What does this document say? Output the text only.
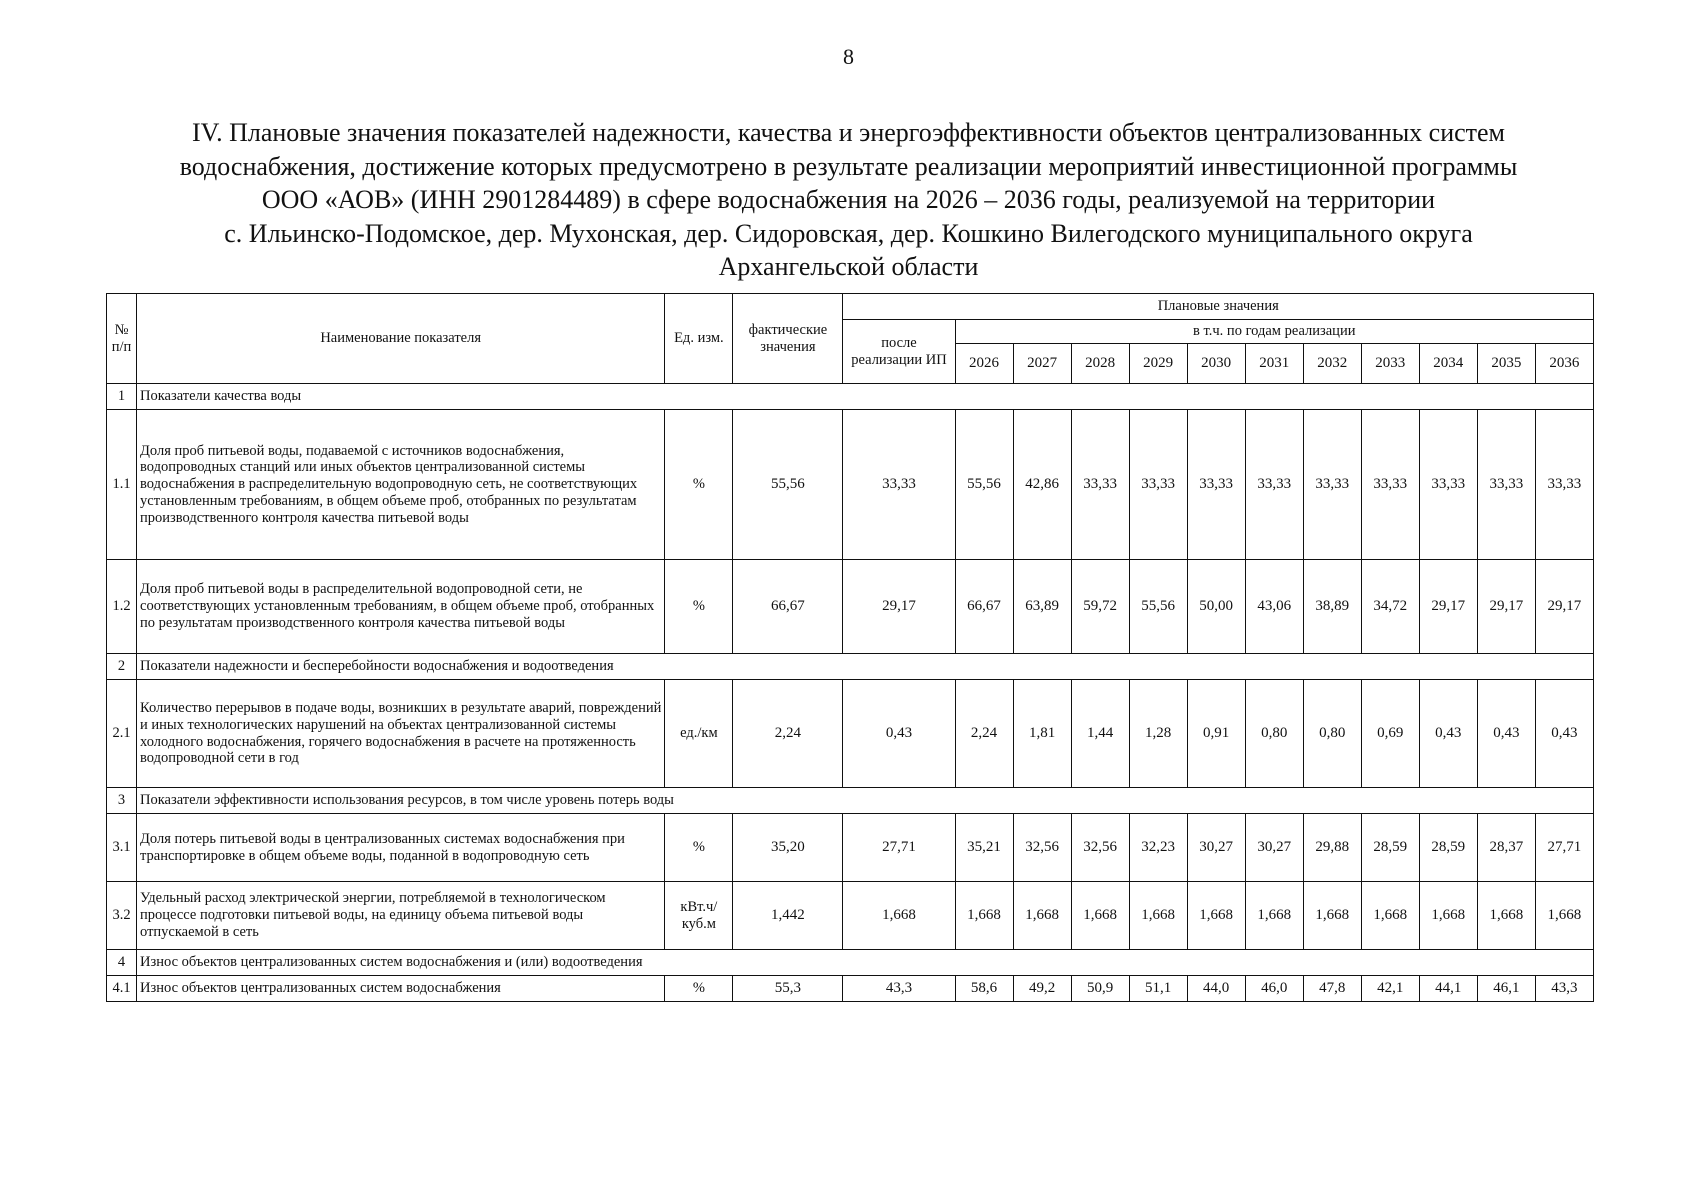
8
IV. Плановые значения показателей надежности, качества и энергоэффективности объектов централизованных систем
водоснабжения, достижение которых предусмотрено в результате реализации мероприятий инвестиционной программы
ООО «АОВ» (ИНН 2901284489) в сфере водоснабжения на 2026 – 2036 годы, реализуемой на территории
с. Ильинско-Подомское, дер. Мухонская, дер. Сидоровская, дер. Кошкино Вилегодского муниципального округа
Архангельской области
№ п/п	Наименование показателя	Ед. изм.	фактические значения	Плановые значения											
				после реализации ИП	в т.ч. по годам реализации										
					2026	2027	2028	2029	2030	2031	2032	2033	2034	2035	2036
1	Показатели качества воды														
1.1	Доля проб питьевой воды, подаваемой с источников водоснабжения, водопроводных станций или иных объектов централизованной системы водоснабжения в распределительную водопроводную сеть, не соответствующих установленным требованиям, в общем объеме проб, отобранных по результатам производственного контроля качества питьевой воды	%	55,56	33,33	55,56	42,86	33,33	33,33	33,33	33,33	33,33	33,33	33,33	33,33	33,33
1.2	Доля проб питьевой воды в распределительной водопроводной сети, не соответствующих установленным требованиям, в общем объеме проб, отобранных по результатам производственного контроля качества питьевой воды	%	66,67	29,17	66,67	63,89	59,72	55,56	50,00	43,06	38,89	34,72	29,17	29,17	29,17
2	Показатели надежности и бесперебойности водоснабжения и водоотведения														
2.1	Количество перерывов в подаче воды, возникших в результате аварий, повреждений и иных технологических нарушений на объектах централизованной системы холодного водоснабжения, горячего водоснабжения в расчете на протяженность водопроводной сети в год	ед./км	2,24	0,43	2,24	1,81	1,44	1,28	0,91	0,80	0,80	0,69	0,43	0,43	0,43
3	Показатели эффективности использования ресурсов, в том числе уровень потерь воды														
3.1	Доля потерь питьевой воды в централизованных системах водоснабжения при транспортировке в общем объеме воды, поданной в водопроводную сеть	%	35,20	27,71	35,21	32,56	32,56	32,23	30,27	30,27	29,88	28,59	28,59	28,37	27,71
3.2	Удельный расход электрической энергии, потребляемой в технологическом процессе подготовки питьевой воды, на единицу объема питьевой воды отпускаемой в сеть	кВт.ч/ куб.м	1,442	1,668	1,668	1,668	1,668	1,668	1,668	1,668	1,668	1,668	1,668	1,668	1,668
4	Износ объектов централизованных систем водоснабжения и (или) водоотведения														
4.1	Износ объектов централизованных систем водоснабжения	%	55,3	43,3	58,6	49,2	50,9	51,1	44,0	46,0	47,8	42,1	44,1	46,1	43,3
